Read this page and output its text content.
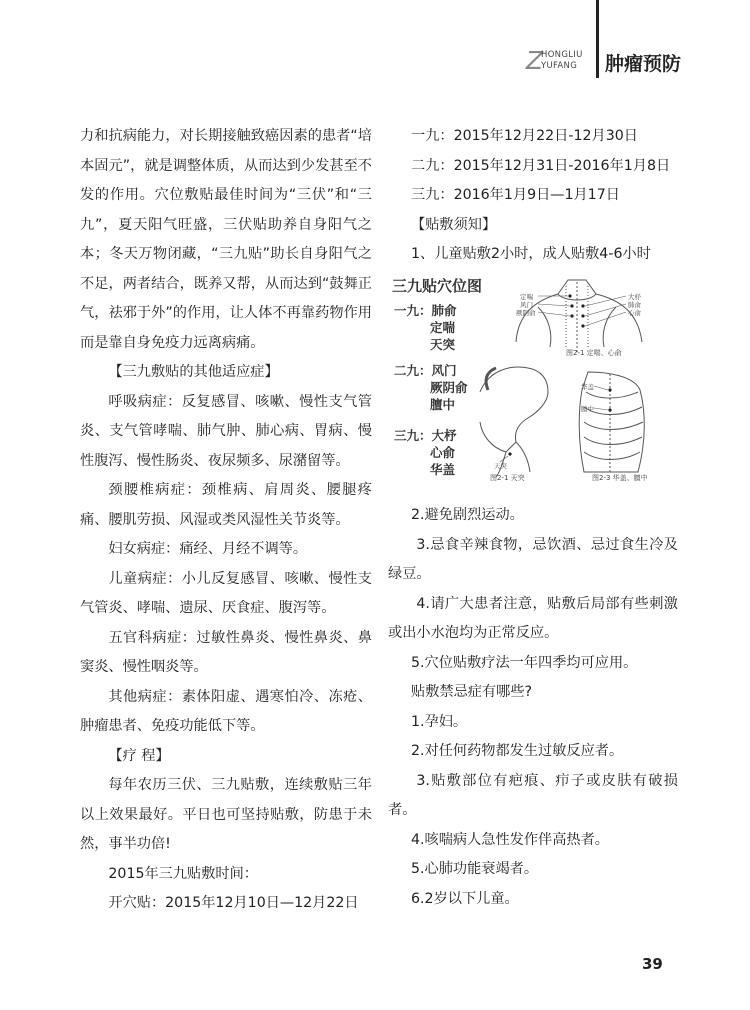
Z
HONGLIU
YUFANG 肿瘤预防

力和抗病能力，对长期接触致癌因素的患者“培本固元”，就是调整体质，从而达到少发甚至不发的作用。穴位敷贴最佳时间为“三伏”和“三九”，夏天阳气旺盛，三伏贴助养自身阳气之本；冬天万物闭藏，“三九贴”助长自身阳气之不足，两者结合，既养又帮，从而达到“鼓舞正气，祛邪于外”的作用，让人体不再靠药物作用而是靠自身免疫力远离病痛。

【三九敷贴的其他适应症】

呼吸病症：反复感冒、咳嗽、慢性支气管炎、支气管哮喘、肺气肿、肺心病、胃病、慢性腹泻、慢性肠炎、夜尿频多、尿潴留等。

颈腰椎病症：颈椎病、肩周炎、腰腿疼痛、腰肌劳损、风湿或类风湿性关节炎等。

妇女病症：痛经、月经不调等。

儿童病症：小儿反复感冒、咳嗽、慢性支气管炎、哮喘、遗尿、厌食症、腹泻等。

五官科病症：过敏性鼻炎、慢性鼻炎、鼻窦炎、慢性咽炎等。

其他病症：素体阳虚、遇寒怕冷、冻疮、肿瘤患者、免疫功能低下等。

【疗 程】

每年农历三伏、三九贴敷，连续敷贴三年以上效果最好。平日也可坚持贴敷，防患于未然，事半功倍!

2015年三九贴敷时间：

开穴贴：2015年12月10日—12月22日

一九：2015年12月22日-12月30日

二九：2015年12月31日-2016年1月8日

三九：2016年1月9日—1月17日

【贴敷须知】

1、儿童贴敷2小时，成人贴敷4-6小时

三九贴穴位图
一九：肺俞
定喘
天突
二九：风门
厥阴俞
膻中
三九：大杼
心俞
华盖
定喘
风门
厥阴俞
大杼
肺俞
心俞
华盖
膻中
天突
图2-1 定喘、心俞
图2-1 天突	图2-3 华盖、膻中

2.避免剧烈运动。

3.忌食辛辣食物，忌饮酒、忌过食生冷及绿豆。

4.请广大患者注意，贴敷后局部有些刺激或出小水泡均为正常反应。

5.穴位贴敷疗法一年四季均可应用。

贴敷禁忌症有哪些?

1.孕妇。

2.对任何药物都发生过敏反应者。

3.贴敷部位有疤痕、疖子或皮肤有破损者。

4.咳喘病人急性发作伴高热者。

5.心肺功能衰竭者。

6.2岁以下儿童。

39
